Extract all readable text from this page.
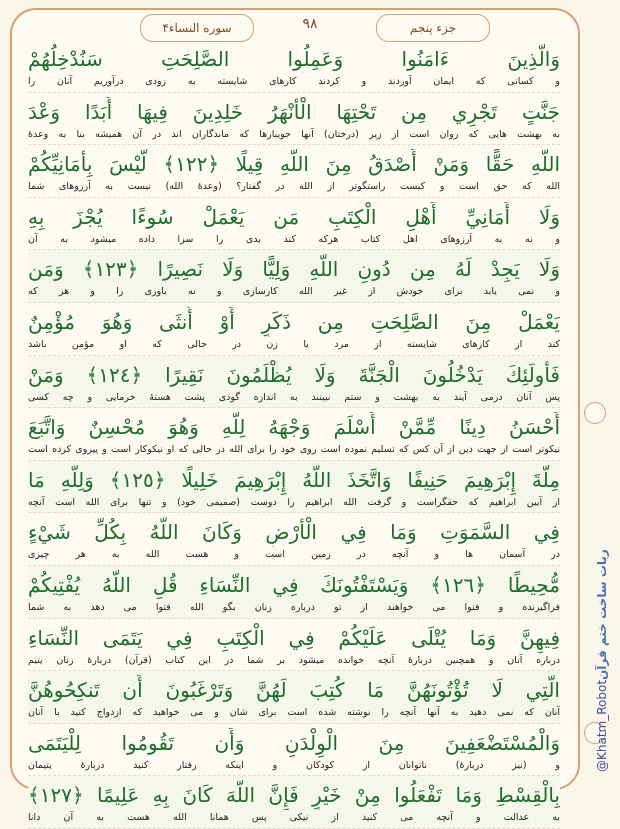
سوره النساء۴	۹۸	جزء پنجم
وَالَّذِينَ ءَامَنُوا وَعَمِلُوا الصَّلِحَتِ سَنُدْخِلُهُمْ
و کسانی که ایمان آوردند و کردند کارهای شایسته به زودی درآوریم آنان را
جَنَّتٍ تَجْرِي مِن تَحْتِهَا الْأَنْهَرُ خَلِدِينَ فِيهَا أَبَدًا وَعْدَ
به بهشت هایی که روان است از زیر (درختان) آنها جویبارها که ماندگاران اند در آن همیشه بنا به وعدهٔ
اللَّهِ حَقًّا وَمَنْ أَصْدَقُ مِنَ اللَّهِ قِيلًا ﴿١٢٢﴾ لَّيْسَ بِأَمَانِيِّكُمْ
الله که حق است و کیست راستگوتر از الله در گفتار؟ (وعدهٔ الله) نیست به آرزوهای شما
وَلَا أَمَانِيِّ أَهْلِ الْكِتَبِ مَن يَعْمَلْ سُوءًا يُجْزَ بِهِ
و نه به آرزوهای اهل کتاب هرکه کند بدی را سزا داده میشود به آن
وَلَا يَجِدْ لَهُ مِن دُونِ اللَّهِ وَلِيًّا وَلَا نَصِيرًا ﴿١٢٣﴾ وَمَن
و نمی یابد برای خودش از غیر الله کارسازی و نه یاوری را و هر که
يَعْمَلْ مِنَ الصَّلِحَتِ مِن ذَكَرٍ أَوْ أُنثَى وَهُوَ مُؤْمِنٌ
کند از کارهای شایسته از مرد یا زن در حالی که او مؤمن باشد
فَأُولَئِكَ يَدْخُلُونَ الْجَنَّةَ وَلَا يُظْلَمُونَ نَقِيرًا ﴿١٢٤﴾ وَمَنْ
پس آنان درمی آیند به بهشت و ستم نبینند به اندازه گودی پشت هستهٔ خرمایی و چه کسی
أَحْسَنُ دِينًا مِّمَّنْ أَسْلَمَ وَجْهَهُ لِلَّهِ وَهُوَ مُحْسِنٌ وَاتَّبَعَ
نیکوتر است از جهت دین از آن کس که تسلیم نموده است روی خود را برای الله در حالی که او نیکوکار است و پیروی کرده است
مِلَّةَ إِبْرَهِيمَ حَنِيفًا وَاتَّخَذَ اللَّهُ إِبْرَهِيمَ خَلِيلًا ﴿١٢٥﴾ وَلِلَّهِ مَا
از آیین ابراهیم که حقگراست و گرفت الله ابراهیم را دوست (صمیمی خود) و تنها برای الله است آنچه
فِي السَّمَوَتِ وَمَا فِي الْأَرْضِ وَكَانَ اللَّهُ بِكُلِّ شَيْءٍ
در آسمان ها و آنچه در زمین است و هست الله به هر چیزی
مُّحِيطًا ﴿١٢٦﴾ وَيَسْتَفْتُونَكَ فِي النِّسَاءِ قُلِ اللَّهُ يُفْتِيكُمْ
فراگیرنده و فتوا می خواهند از تو درباره زنان بگو الله فتوا می دهد به شما
فِيهِنَّ وَمَا يُتْلَى عَلَيْكُمْ فِي الْكِتَبِ فِي يَتَمَى النِّسَاءِ
درباره آنان و همچنین دربارهٔ آنچه خوانده میشود بر شما در این کتاب (قرآن) دربارهٔ زنان یتیم
الَّتِي لَا تُؤْتُونَهُنَّ مَا كُتِبَ لَهُنَّ وَتَرْغَبُونَ أَن تَنكِحُوهُنَّ
آنان که نمی دهید به آنها آنچه را نوشته شده است برای شان و می خواهید که ازدواج کنید با آنان
وَالْمُسْتَضْعَفِينَ مِنَ الْوِلْدَنِ وَأَن تَقُومُوا لِلْيَتَمَى
و (نیز دربارهٔ) ناتوانان از کودکان و اینکه رفتار کنید دربارهٔ یتیمان
بِالْقِسْطِ وَمَا تَفْعَلُوا مِنْ خَيْرٍ فَإِنَّ اللَّهَ كَانَ بِهِ عَلِيمًا ﴿١٢٧﴾
به عدالت و آنچه می کنید از نیکی پس همانا الله هست به آن دانا
@Khatm_Robot
ربات ساخت ختم قرآن
